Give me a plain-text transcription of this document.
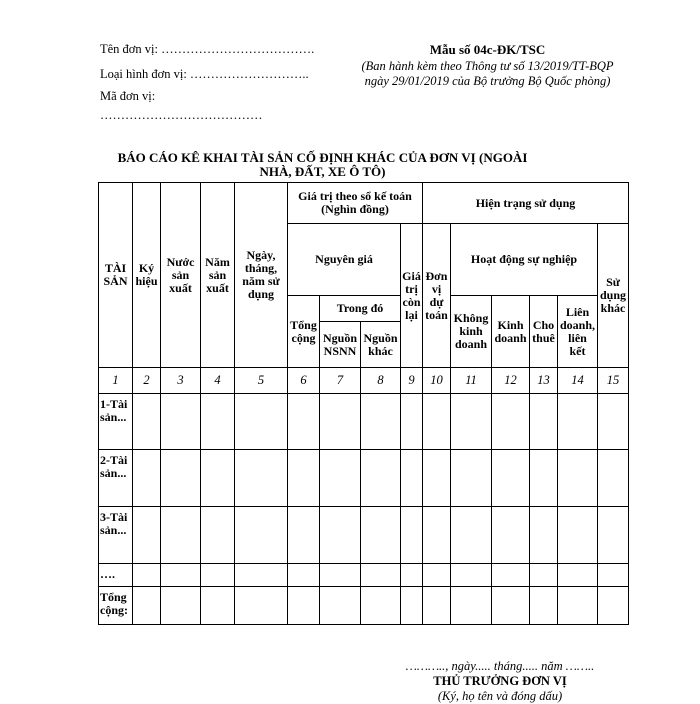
Tên đơn vị: ……………………………….
Loại hình đơn vị: ………………………..
Mã đơn vị:
…………………………………
Mẫu số 04c-ĐK/TSC
(Ban hành kèm theo Thông tư số 13/2019/TT-BQP
ngày 29/01/2019 của Bộ trưởng Bộ Quốc phòng)
BÁO CÁO KÊ KHAI TÀI SẢN CỐ ĐỊNH KHÁC CỦA ĐƠN VỊ (NGOÀI NHÀ, ĐẤT, XE Ô TÔ)
TÀI SẢN	Ký hiệu	Nước sản xuất	Năm sản xuất	Ngày, tháng, năm sử dụng	Giá trị theo sổ kế toán (Nghìn đồng)				Hiện trạng sử dụng					
					Nguyên giá			Giá trị còn lại	Đơn vị dự toán	Hoạt động sự nghiệp				Sử dụng khác
					Tổng cộng	Trong đó				Không kinh doanh	Kinh doanh	Cho thuê	Liên doanh, liên kết	
						Nguồn NSNN	Nguồn khác							
1	2	3	4	5	6	7	8	9	10	11	12	13	14	15
1-Tài sản...														
2-Tài sản...														
3-Tài sản...														
….														
Tổng cộng:														
……….., ngày..... tháng..... năm ……..
THỦ TRƯỞNG ĐƠN VỊ
(Ký, họ tên và đóng dấu)
